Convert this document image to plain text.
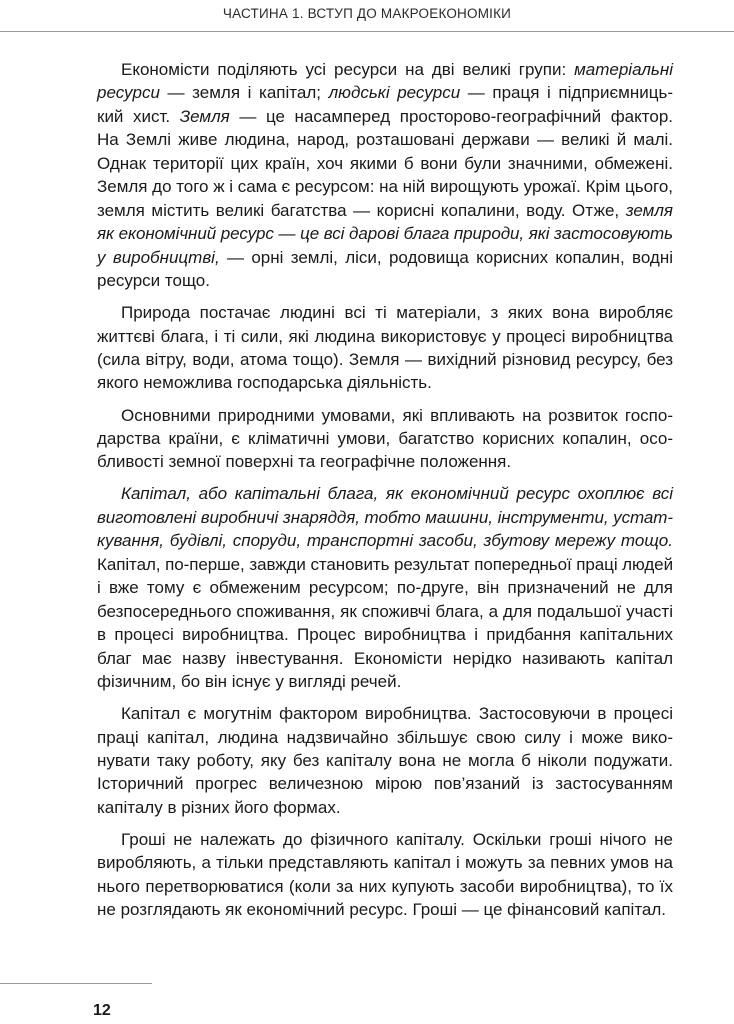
ЧАСТИНА 1. ВСТУП ДО МАКРОЕКОНОМІКИ
Економісти поділяють усі ресурси на дві великі групи: матеріальні
ресурси — земля і капітал; людські ресурси — праця і підприємниць-
кий хист. Земля — це насамперед просторово-географічний фактор.
На Землі живе людина, народ, розташовані держави — великі й малі.
Однак території цих країн, хоч якими б вони були значними, обмежені.
Земля до того ж і сама є ресурсом: на ній вирощують урожаї. Крім цього,
земля містить великі багатства — корисні копалини, воду. Отже, земля
як економічний ресурс — це всі дарові блага природи, які застосовують
у виробництві, — орні землі, ліси, родовища корисних копалин, водні
ресурси тощо.
Природа постачає людині всі ті матеріали, з яких вона виробляє
життєві блага, і ті сили, які людина використовує у процесі виробництва
(сила вітру, води, атома тощо). Земля — вихідний різновид ресурсу, без
якого неможлива господарська діяльність.
Основними природними умовами, які впливають на розвиток госпо-
дарства країни, є кліматичні умови, багатство корисних копалин, осо-
бливості земної поверхні та географічне положення.
Капітал, або капітальні блага, як економічний ресурс охоплює всі
виготовлені виробничі знаряддя, тобто машини, інструменти, устат-
кування, будівлі, споруди, транспортні засоби, збутову мережу тощо.
Капітал, по-перше, завжди становить результат попередньої праці людей
і вже тому є обмеженим ресурсом; по-друге, він призначений не для
безпосереднього споживання, як споживчі блага, а для подальшої участі
в процесі виробництва. Процес виробництва і придбання капітальних
благ має назву інвестування. Економісти нерідко називають капітал
фізичним, бо він існує у вигляді речей.
Капітал є могутнім фактором виробництва. Застосовуючи в процесі
праці капітал, людина надзвичайно збільшує свою силу і може вико-
нувати таку роботу, яку без капіталу вона не могла б ніколи подужати.
Історичний прогрес величезною мірою пов’язаний із застосуванням
капіталу в різних його формах.
Гроші не належать до фізичного капіталу. Оскільки гроші нічого не
виробляють, а тільки представляють капітал і можуть за певних умов на
нього перетворюватися (коли за них купують засоби виробництва), то їх
не розглядають як економічний ресурс. Гроші — це фінансовий капітал.
12
